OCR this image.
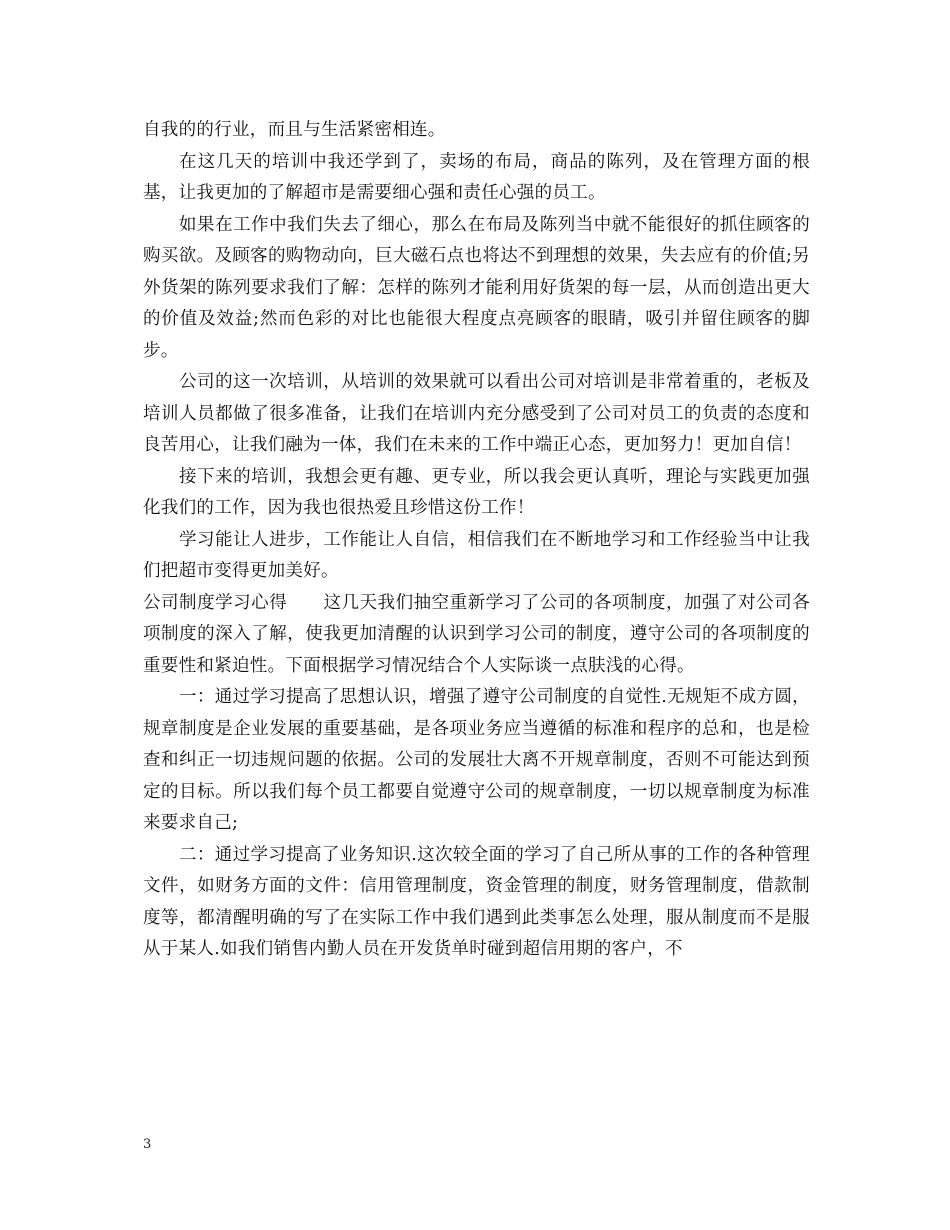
自我的的行业，而且与生活紧密相连。

在这几天的培训中我还学到了，卖场的布局，商品的陈列，及在管理方面的根基，让我更加的了解超市是需要细心强和责任心强的员工。

如果在工作中我们失去了细心，那么在布局及陈列当中就不能很好的抓住顾客的购买欲。及顾客的购物动向，巨大磁石点也将达不到理想的效果，失去应有的价值;另外货架的陈列要求我们了解：怎样的陈列才能利用好货架的每一层，从而创造出更大的价值及效益;然而色彩的对比也能很大程度点亮顾客的眼睛，吸引并留住顾客的脚步。

公司的这一次培训，从培训的效果就可以看出公司对培训是非常着重的，老板及培训人员都做了很多准备，让我们在培训内充分感受到了公司对员工的负责的态度和良苦用心，让我们融为一体，我们在未来的工作中端正心态，更加努力！更加自信！

接下来的培训，我想会更有趣、更专业，所以我会更认真听，理论与实践更加强化我们的工作，因为我也很热爱且珍惜这份工作！

学习能让人进步，工作能让人自信，相信我们在不断地学习和工作经验当中让我们把超市变得更加美好。

公司制度学习心得 这几天我们抽空重新学习了公司的各项制度，加强了对公司各项制度的深入了解，使我更加清醒的认识到学习公司的制度，遵守公司的各项制度的重要性和紧迫性。下面根据学习情况结合个人实际谈一点肤浅的心得。

一：通过学习提高了思想认识，增强了遵守公司制度的自觉性.无规矩不成方圆，规章制度是企业发展的重要基础，是各项业务应当遵循的标准和程序的总和，也是检查和纠正一切违规问题的依据。公司的发展壮大离不开规章制度，否则不可能达到预定的目标。所以我们每个员工都要自觉遵守公司的规章制度，一切以规章制度为标准来要求自己;

二：通过学习提高了业务知识.这次较全面的学习了自己所从事的工作的各种管理文件，如财务方面的文件：信用管理制度，资金管理的制度，财务管理制度，借款制度等，都清醒明确的写了在实际工作中我们遇到此类事怎么处理，服从制度而不是服从于某人.如我们销售内勤人员在开发货单时碰到超信用期的客户，不

3
